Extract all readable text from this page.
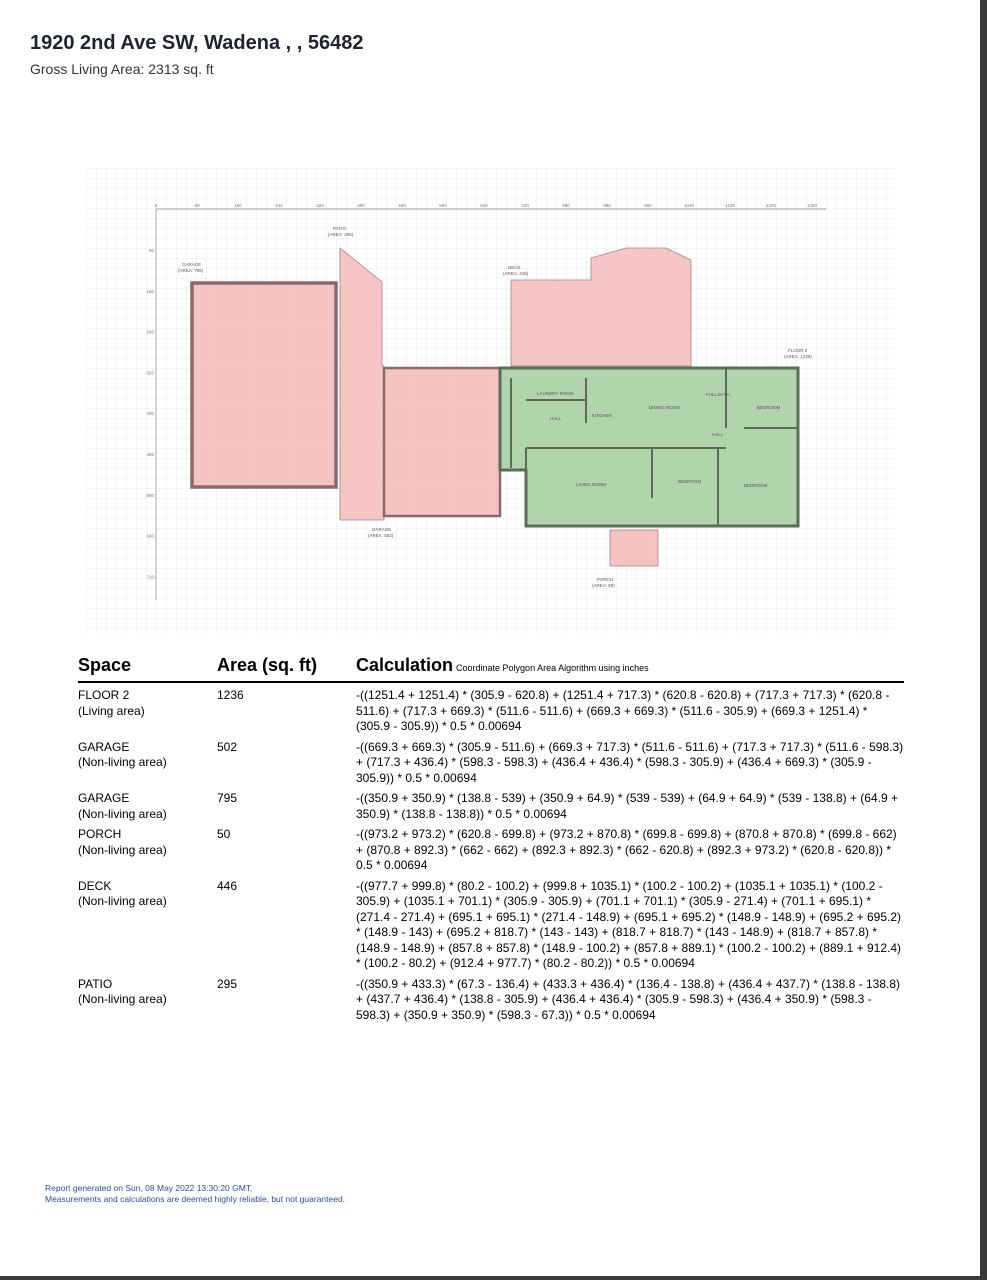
1920 2nd Ave SW, Wadena , , 56482
Gross Living Area: 2313 sq. ft
0	80	160	240	320	400	480	560	640	720	800	880	960	1040	1120	1200	1280
80
160
240
320
400
480
560
640
720
GARAGE
(AREA: 795)
PATIO
(AREA: 295)
DECK
(AREA: 446)
FLOOR 2
(AREA: 1236)
GARAGE
(AREA: 502)
PORCH
(AREA: 50)
LAUNDRY ROOM
HALL
KITCHEN
DINING ROOM
FULL BATH
BEDROOM
HALL
LIVING ROOM
BEDROOM
BEDROOM
Space	Area (sq. ft) Calculation Coordinate Polygon Area Algorithm using inches
FLOOR 2
(Living area)
1236	-((1251.4 + 1251.4) * (305.9 - 620.8) + (1251.4 + 717.3) * (620.8 - 620.8) + (717.3 + 717.3) * (620.8 - 511.6) + (717.3 + 669.3) * (511.6 - 511.6) + (669.3 + 669.3) * (511.6 - 305.9) + (669.3 + 1251.4) * (305.9 - 305.9)) * 0.5 * 0.00694
GARAGE
(Non-living area)
502	-((669.3 + 669.3) * (305.9 - 511.6) + (669.3 + 717.3) * (511.6 - 511.6) + (717.3 + 717.3) * (511.6 - 598.3) + (717.3 + 436.4) * (598.3 - 598.3) + (436.4 + 436.4) * (598.3 - 305.9) + (436.4 + 669.3) * (305.9 - 305.9)) * 0.5 * 0.00694
GARAGE
(Non-living area)
795	-((350.9 + 350.9) * (138.8 - 539) + (350.9 + 64.9) * (539 - 539) + (64.9 + 64.9) * (539 - 138.8) + (64.9 + 350.9) * (138.8 - 138.8)) * 0.5 * 0.00694
PORCH
(Non-living area)
50	-((973.2 + 973.2) * (620.8 - 699.8) + (973.2 + 870.8) * (699.8 - 699.8) + (870.8 + 870.8) * (699.8 - 662) + (870.8 + 892.3) * (662 - 662) + (892.3 + 892.3) * (662 - 620.8) + (892.3 + 973.2) * (620.8 - 620.8)) * 0.5 * 0.00694
DECK
(Non-living area)
446	-((977.7 + 999.8) * (80.2 - 100.2) + (999.8 + 1035.1) * (100.2 - 100.2) + (1035.1 + 1035.1) * (100.2 - 305.9) + (1035.1 + 701.1) * (305.9 - 305.9) + (701.1 + 701.1) * (305.9 - 271.4) + (701.1 + 695.1) * (271.4 - 271.4) + (695.1 + 695.1) * (271.4 - 148.9) + (695.1 + 695.2) * (148.9 - 148.9) + (695.2 + 695.2) * (148.9 - 143) + (695.2 + 818.7) * (143 - 143) + (818.7 + 818.7) * (143 - 148.9) + (818.7 + 857.8) * (148.9 - 148.9) + (857.8 + 857.8) * (148.9 - 100.2) + (857.8 + 889.1) * (100.2 - 100.2) + (889.1 + 912.4) * (100.2 - 80.2) + (912.4 + 977.7) * (80.2 - 80.2)) * 0.5 * 0.00694
PATIO
(Non-living area)
295	-((350.9 + 433.3) * (67.3 - 136.4) + (433.3 + 436.4) * (136.4 - 138.8) + (436.4 + 437.7) * (138.8 - 138.8) + (437.7 + 436.4) * (138.8 - 305.9) + (436.4 + 436.4) * (305.9 - 598.3) + (436.4 + 350.9) * (598.3 - 598.3) + (350.9 + 350.9) * (598.3 - 67.3)) * 0.5 * 0.00694
Report generated on Sun, 08 May 2022 13:30:20 GMT.
Measurements and calculations are deemed highly reliable, but not guaranteed.
